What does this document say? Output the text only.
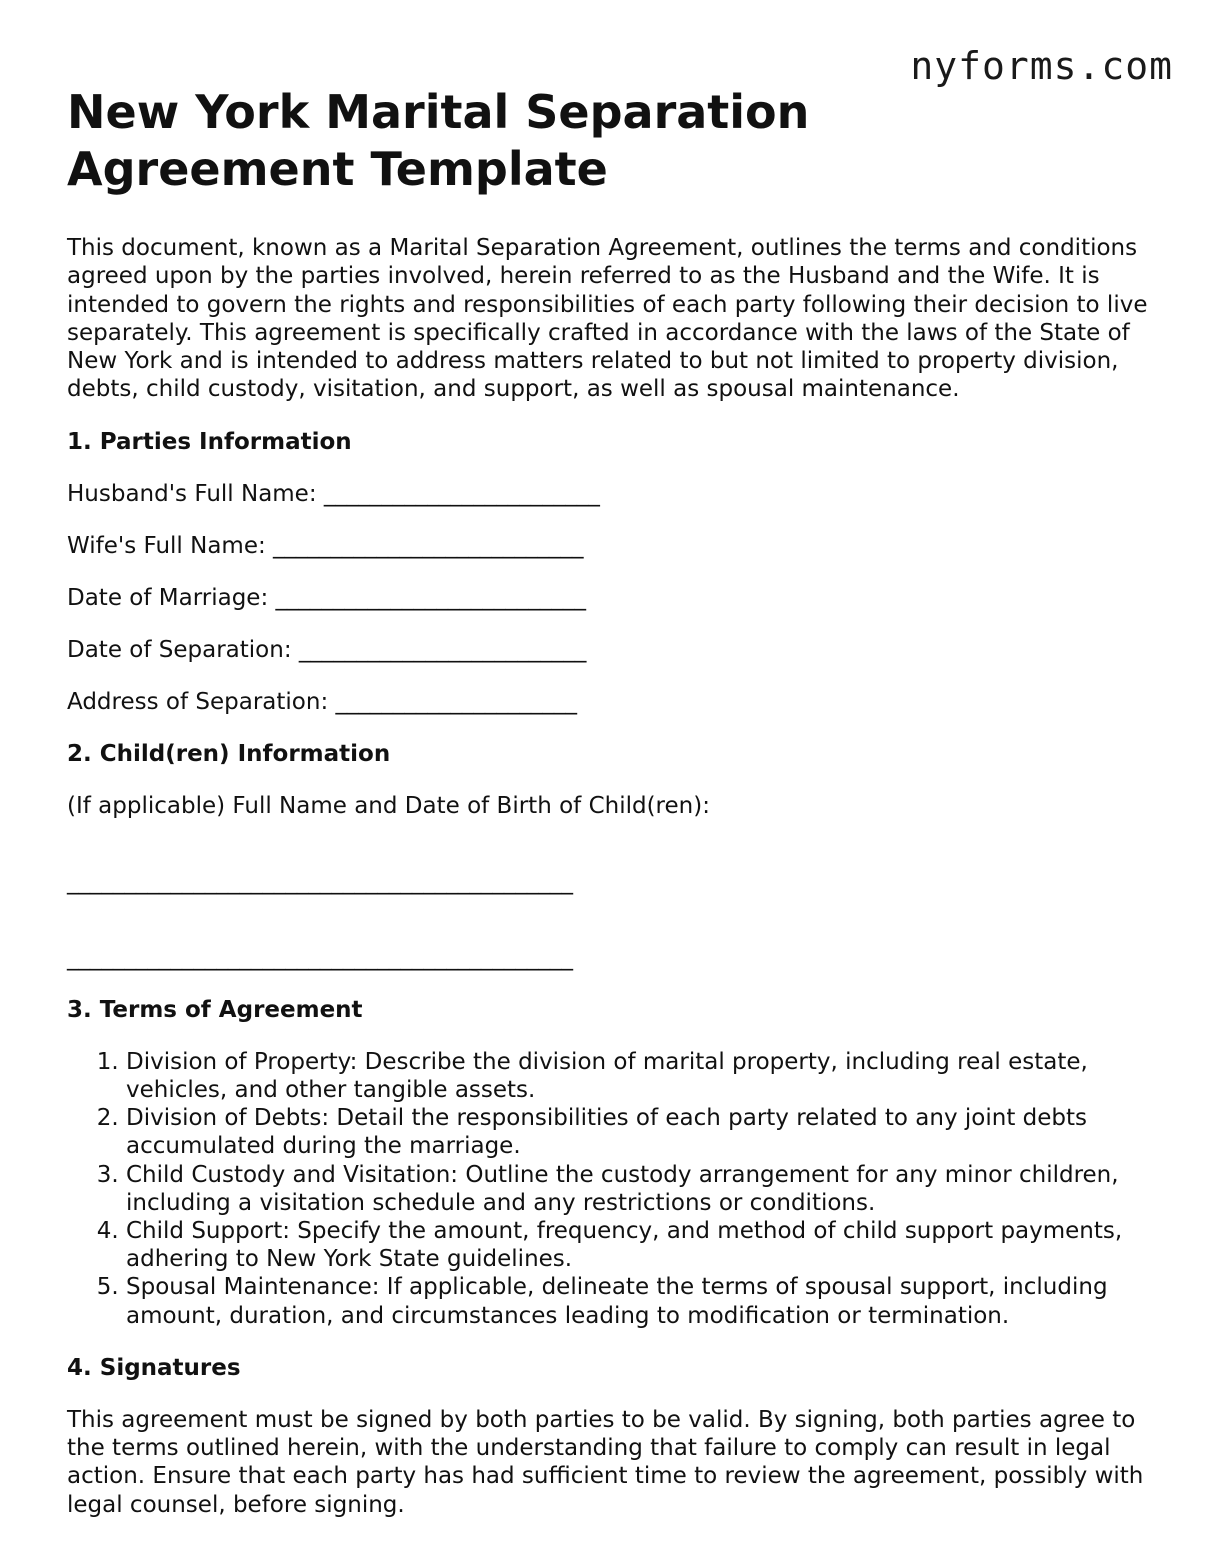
nyforms.com
New York Marital Separation Agreement Template

This document, known as a Marital Separation Agreement, outlines the terms and conditions agreed upon by the parties involved, herein referred to as the Husband and the Wife. It is intended to govern the rights and responsibilities of each party following their decision to live separately. This agreement is specifically crafted in accordance with the laws of the State of New York and is intended to address matters related to but not limited to property division, debts, child custody, visitation, and support, as well as spousal maintenance.

1. Parties Information
Husband's Full Name: ________________________
Wife's Full Name: ___________________________
Date of Marriage: ___________________________
Date of Separation: _________________________
Address of Separation: _____________________
2. Child(ren) Information
(If applicable) Full Name and Date of Birth of Child(ren):
____________________________________________
____________________________________________
3. Terms of Agreement
1. Division of Property: Describe the division of marital property, including real estate, vehicles, and other tangible assets.
2. Division of Debts: Detail the responsibilities of each party related to any joint debts accumulated during the marriage.
3. Child Custody and Visitation: Outline the custody arrangement for any minor children, including a visitation schedule and any restrictions or conditions.
4. Child Support: Specify the amount, frequency, and method of child support payments, adhering to New York State guidelines.
5. Spousal Maintenance: If applicable, delineate the terms of spousal support, including amount, duration, and circumstances leading to modification or termination.
4. Signatures

This agreement must be signed by both parties to be valid. By signing, both parties agree to the terms outlined herein, with the understanding that failure to comply can result in legal action. Ensure that each party has had sufficient time to review the agreement, possibly with legal counsel, before signing.
